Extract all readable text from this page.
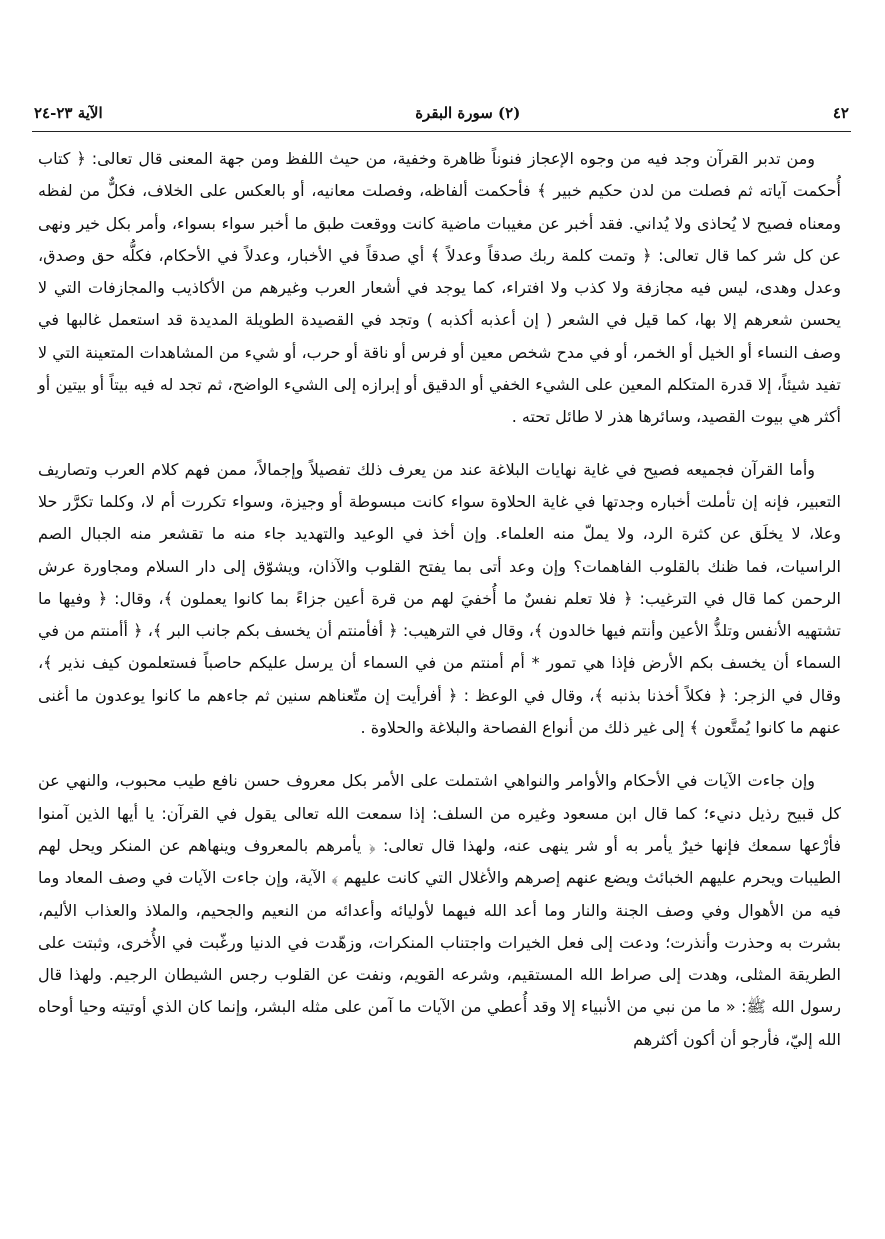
٤٢
(٢) سورة البقرة
الآية ٢٣-٢٤

ومن تدبر القرآن وجد فيه من وجوه الإعجاز فنوناً ظاهرة وخفية، من حيث اللفظ ومن جهة المعنى قال تعالى: ﴿ كتاب أُحكمت آياته ثم فصلت من لدن حكيم خبير ﴾ فأحكمت ألفاظه، وفصلت معانيه، أو بالعكس على الخلاف، فكلٌّ من لفظه ومعناه فصيح لا يُحاذى ولا يُداني. فقد أخبر عن مغيبات ماضية كانت ووقعت طبق ما أخبر سواء بسواء، وأمر بكل خير ونهى عن كل شر كما قال تعالى: ﴿ وتمت كلمة ربك صدقاً وعدلاً ﴾ أي صدقاً في الأخبار، وعدلاً في الأحكام، فكلُّه حق وصدق، وعدل وهدى، ليس فيه مجازفة ولا كذب ولا افتراء، كما يوجد في أشعار العرب وغيرهم من الأكاذيب والمجازفات التي لا يحسن شعرهم إلا بها، كما قيل في الشعر ( إن أعذبه أكذبه ) وتجد في القصيدة الطويلة المديدة قد استعمل غالبها في وصف النساء أو الخيل أو الخمر، أو في مدح شخص معين أو فرس أو ناقة أو حرب، أو شيء من المشاهدات المتعينة التي لا تفيد شيئاً، إلا قدرة المتكلم المعين على الشيء الخفي أو الدقيق أو إبرازه إلى الشيء الواضح، ثم تجد له فيه بيتاً أو بيتين أو أكثر هي بيوت القصيد، وسائرها هذر لا طائل تحته .

وأما القرآن فجميعه فصيح في غاية نهايات البلاغة عند من يعرف ذلك تفصيلاً وإجمالاً، ممن فهم كلام العرب وتصاريف التعبير، فإنه إن تأملت أخباره وجدتها في غاية الحلاوة سواء كانت مبسوطة أو وجيزة، وسواء تكررت أم لا، وكلما تكرَّر حلا وعلا، لا يخلَق عن كثرة الرد، ولا يملّ منه العلماء. وإن أخذ في الوعيد والتهديد جاء منه ما تقشعر منه الجبال الصم الراسيات، فما ظنك بالقلوب الفاهمات؟ وإن وعد أتى بما يفتح القلوب والآذان، ويشوّق إلى دار السلام ومجاورة عرش الرحمن كما قال في الترغيب: ﴿ فلا تعلم نفسٌ ما أُخفيَ لهم من قرة أعين جزاءً بما كانوا يعملون ﴾، وقال: ﴿ وفيها ما تشتهيه الأنفس وتلذُّ الأعين وأنتم فيها خالدون ﴾، وقال في الترهيب: ﴿ أفأمنتم أن يخسف بكم جانب البر ﴾، ﴿ أأمنتم من في السماء أن يخسف بكم الأرض فإذا هي تمور * أم أمنتم من في السماء أن يرسل عليكم حاصباً فستعلمون كيف نذير ﴾، وقال في الزجر: ﴿ فكلاً أخذنا بذنبه ﴾، وقال في الوعظ : ﴿ أفرأيت إن متّعناهم سنين ثم جاءهم ما كانوا يوعدون ما أغنى عنهم ما كانوا يُمتَّعون ﴾ إلى غير ذلك من أنواع الفصاحة والبلاغة والحلاوة .

وإن جاءت الآيات في الأحكام والأوامر والنواهي اشتملت على الأمر بكل معروف حسن نافع طيب محبوب، والنهي عن كل قبيح رذيل دنيء؛ كما قال ابن مسعود وغيره من السلف: إذا سمعت الله تعالى يقول في القرآن: يا أيها الذين آمنوا فأرْعها سمعك فإنها خيرٌ يأمر به أو شر ينهى عنه، ولهذا قال تعالى: ﴿ يأمرهم بالمعروف وينهاهم عن المنكر ويحل لهم الطيبات ويحرم عليهم الخبائث ويضع عنهم إصرهم والأغلال التي كانت عليهم ﴾ الآية، وإن جاءت الآيات في وصف المعاد وما فيه من الأهوال وفي وصف الجنة والنار وما أعد الله فيهما لأوليائه وأعدائه من النعيم والجحيم، والملاذ والعذاب الأليم، بشرت به وحذرت وأنذرت؛ ودعت إلى فعل الخيرات واجتناب المنكرات، وزهّدت في الدنيا ورغّبت في الأُخرى، وثبتت على الطريقة المثلى، وهدت إلى صراط الله المستقيم، وشرعه القويم، ونفت عن القلوب رجس الشيطان الرجيم. ولهذا قال رسول الله ﷺ: « ما من نبي من الأنبياء إلا وقد أُعطي من الآيات ما آمن على مثله البشر، وإنما كان الذي أوتيته وحيا أوحاه الله إليّ، فأرجو أن أكون أكثرهم
